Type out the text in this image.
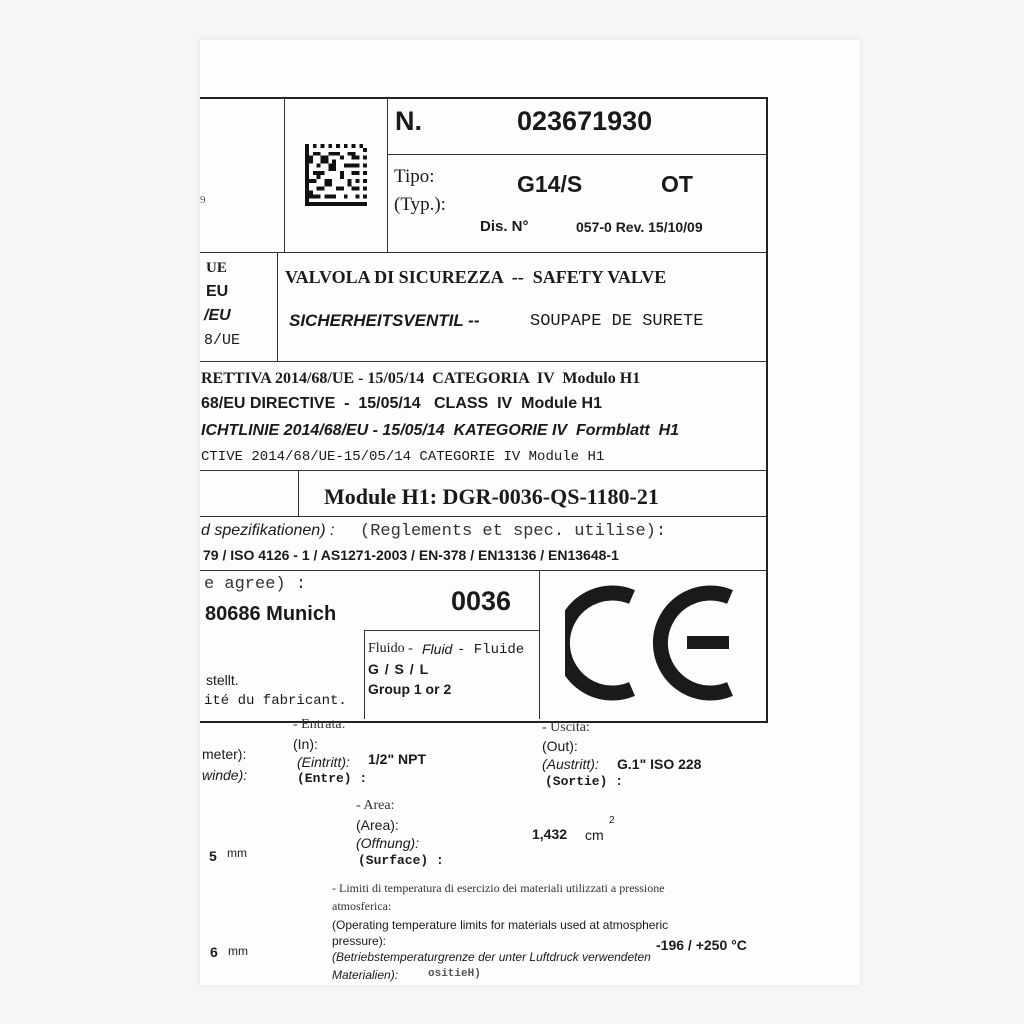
9
N.	023671930
Tipo:
(Typ.):
G14/S	OT
Dis. N°	057-0 Rev. 15/10/09
UE
EU
/EU
8/UE
VALVOLA DI SICUREZZA  --  SAFETY VALVE
SICHERHEITSVENTIL --	SOUPAPE DE SURETE
RETTIVA 2014/68/UE - 15/05/14  CATEGORIA  IV  Modulo H1
68/EU DIRECTIVE  -  15/05/14   CLASS  IV  Module H1
ICHTLINIE 2014/68/EU - 15/05/14  KATEGORIE IV  Formblatt  H1
CTIVE 2014/68/UE-15/05/14 CATEGORIE IV Module H1
Module H1: DGR-0036-QS-1180-21
d spezifikationen) : (Reglements et spec. utilise):
79 / ISO 4126 - 1 / AS1271-2003 / EN-378 / EN13136 / EN13648-1
e agree) :
80686 Munich	0036
stellt.
ité du fabricant.
Fluido - Fluid - Fluide
G / S / L
Group 1 or 2
- Entrata:
(In):
(Eintritt):
(Entre) :
1/2" NPT
meter):
winde):
- Uscita:
(Out):
(Austritt):
(Sortie) :
G.1" ISO 228
- Area:
(Area):
(Offnung):
(Surface) :
1,432 cm
2
5 mm
- Limiti di temperatura di esercizio dei materiali utilizzati a pressione
atmosferica:
(Operating temperature limits for materials used at atmospheric
pressure):
(Betriebstemperaturgrenze der unter Luftdruck verwendeten
Materialien):	ositieH)
-196 / +250 °C
6 mm
